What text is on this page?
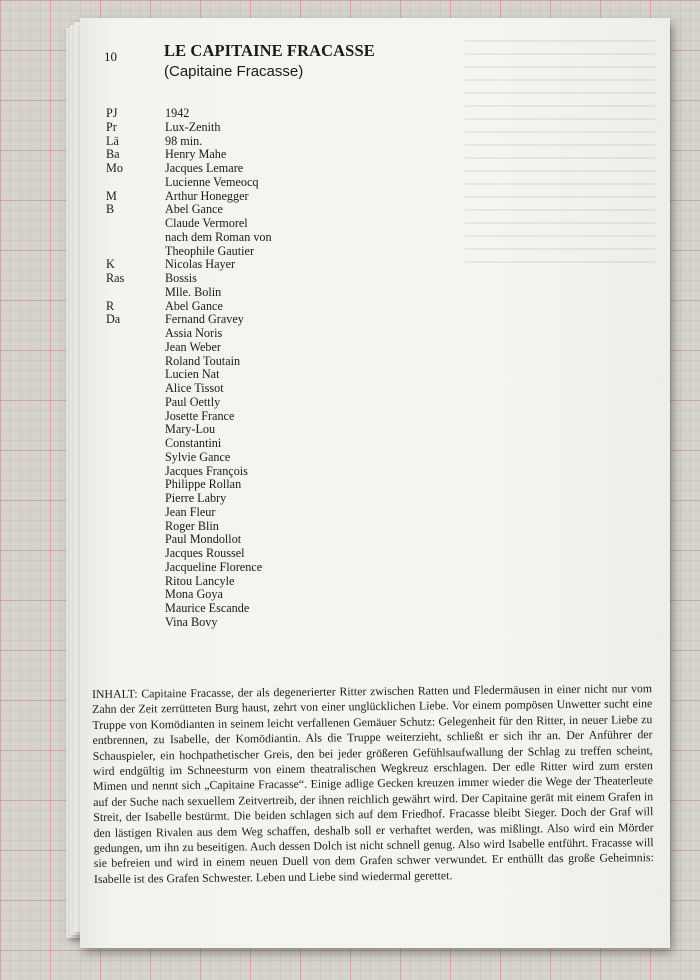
10	LE CAPITAINE FRACASSE
(Capitaine Fracasse)
PJ	1942
Pr	Lux-Zenith
Lä	98 min.
Ba	Henry Mahe
Mo	Jacques Lemare
Lucienne Vemeocq
M	Arthur Honegger
B	Abel Gance
Claude Vermorel
nach dem Roman von
Theophile Gautier
K	Nicolas Hayer
Ras	Bossis
Mlle. Bolin
R	Abel Gance
Da	Fernand Gravey
Assia Noris
Jean Weber
Roland Toutain
Lucien Nat
Alice Tissot
Paul Oettly
Josette France
Mary-Lou
Constantini
Sylvie Gance
Jacques François
Philippe Rollan
Pierre Labry
Jean Fleur
Roger Blin
Paul Mondollot
Jacques Roussel
Jacqueline Florence
Ritou Lancyle
Mona Goya
Maurice Escande
Vina Bovy

INHALT: Capitaine Fracasse, der als degenerierter Ritter zwischen Ratten und Fledermäusen in einer nicht nur vom Zahn der Zeit zerrütteten Burg haust, zehrt von einer unglücklichen Liebe. Vor einem pompösen Unwetter sucht eine Truppe von Komödianten in seinem leicht verfallenen Gemäuer Schutz: Gelegenheit für den Ritter, in neuer Liebe zu entbrennen, zu Isabelle, der Komödiantin. Als die Truppe weiterzieht, schließt er sich ihr an. Der Anführer der Schauspieler, ein hochpathetischer Greis, den bei jeder größeren Gefühlsaufwallung der Schlag zu treffen scheint, wird endgültig im Schneesturm von einem theatralischen Wegkreuz erschlagen. Der edle Ritter wird zum ersten Mimen und nennt sich „Capitaine Fracasse“. Einige adlige Gecken kreuzen immer wieder die Wege der Theaterleute auf der Suche nach sexuellem Zeitvertreib, der ihnen reichlich gewährt wird. Der Capitaine gerät mit einem Grafen in Streit, der Isabelle bestürmt. Die beiden schlagen sich auf dem Friedhof. Fracasse bleibt Sieger. Doch der Graf will den lästigen Rivalen aus dem Weg schaffen, deshalb soll er verhaftet werden, was mißlingt. Also wird ein Mörder gedungen, um ihn zu beseitigen. Auch dessen Dolch ist nicht schnell genug. Also wird Isabelle entführt. Fracasse will sie befreien und wird in einem neuen Duell von dem Grafen schwer verwundet. Er enthüllt das große Geheimnis: Isabelle ist des Grafen Schwester. Leben und Liebe sind wiedermal gerettet.
